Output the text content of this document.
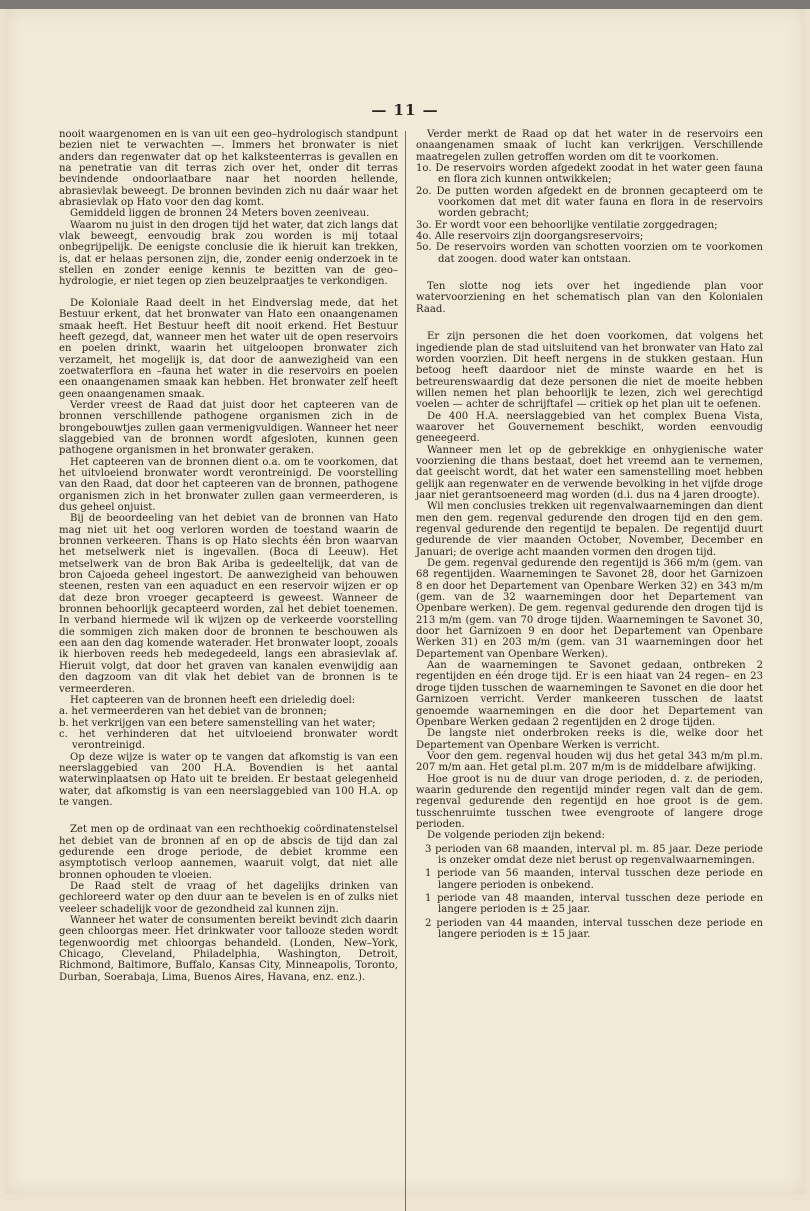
— 11 —

nooit waargenomen en is van uit een geo–hydrologisch standpunt bezien niet te verwachten —. Immers het bronwater is niet anders dan regenwater dat op het kalksteenterras is gevallen en na penetratie van dit terras zich over het, onder dit terras bevindende ondoorlaatbare naar het noorden hellende, abrasievlak beweegt. De bronnen bevinden zich nu daár waar het abrasievlak op Hato voor den dag komt.

Gemiddeld liggen de bronnen 24 Meters boven zeeniveau.

Waarom nu juist in den drogen tijd het water, dat zich langs dat vlak beweegt, eenvoudig brak zou worden is mij totaal onbegrijpelijk. De eenigste conclusie die ik hieruit kan trekken, is, dat er helaas personen zijn, die, zonder eenig onderzoek in te stellen en zonder eenige kennis te bezitten van de geo–hydrologie, er niet tegen op zien beuzelpraatjes te verkondigen.

De Koloniale Raad deelt in het Eindverslag mede, dat het Bestuur erkent, dat het bronwater van Hato een onaangenamen smaak heeft. Het Bestuur heeft dit nooit erkend. Het Bestuur heeft gezegd, dat, wanneer men het water uit de open reservoirs en poelen drinkt, waarin het uitgeloopen bronwater zich verzamelt, het mogelijk is, dat door de aanwezigheid van een zoetwaterflora en –fauna het water in die reservoirs en poelen een onaangenamen smaak kan hebben. Het bronwater zelf heeft geen onaangenamen smaak.

Verder vreest de Raad dat juist door het capteeren van de bronnen verschillende pathogene organismen zich in de brongebouwtjes zullen gaan vermenigvuldigen. Wanneer het neer slaggebied van de bronnen wordt afgesloten, kunnen geen pathogene organismen in het bronwater geraken.

Het capteeren van de bronnen dient o.a. om te voorkomen, dat het uitvloeiend bronwater wordt verontreinigd. De voorstelling van den Raad, dat door het capteeren van de bronnen, pathogene organismen zich in het bronwater zullen gaan vermeerderen, is dus geheel onjuist.

Bij de beoordeeling van het debiet van de bronnen van Hato mag niet uit het oog verloren worden de toestand waarin de bronnen verkeeren. Thans is op Hato slechts één bron waarvan het metselwerk niet is ingevallen. (Boca di Leeuw). Het metselwerk van de bron Bak Ariba is gedeeltelijk, dat van de bron Cajoeda geheel ingestort. De aanwezigheid van behouwen steenen, resten van een aquaduct en een reservoir wijzen er op dat deze bron vroeger gecapteerd is geweest. Wanneer de bronnen behoorlijk gecapteerd worden, zal het debiet toenemen. In verband hiermede wil ik wijzen op de verkeerde voorstelling die sommigen zich maken door de bronnen te beschouwen als een aan den dag komende waterader. Het bronwater loopt, zooals ik hierboven reeds heb medegedeeld, langs een abrasievlak af. Hieruit volgt, dat door het graven van kanalen evenwijdig aan den dagzoom van dit vlak het debiet van de bronnen is te vermeerderen.

Het capteeren van de bronnen heeft een drieledig doel:

a. het vermeerderen van het debiet van de bronnen;
b. het verkrijgen van een betere samenstelling van het water;
c. het verhinderen dat het uitvloeiend bronwater wordt verontreinigd.

Op deze wijze is water op te vangen dat afkomstig is van een neerslaggebied van 200 H.A. Bovendien is het aantal waterwinplaatsen op Hato uit te breiden. Er bestaat gelegenheid water, dat afkomstig is van een neerslaggebied van 100 H.A. op te vangen.

Zet men op de ordinaat van een rechthoekig coördinatenstelsel het debiet van de bronnen af en op de abscis de tijd dan zal gedurende een droge periode, de debiet kromme een asymptotisch verloop aannemen, waaruit volgt, dat niet alle bronnen ophouden te vloeien.

De Raad stelt de vraag of het dagelijks drinken van gechloreerd water op den duur aan te bevelen is en of zulks niet veeleer schadelijk voor de gezondheid zal kunnen zijn.

Wanneer het water de consumenten bereikt bevindt zich daarin geen chloorgas meer. Het drinkwater voor tallooze steden wordt tegenwoordig met chloorgas behandeld. (Londen, New–York, Chicago, Cleveland, Philadelphia, Washington, Detroit, Richmond, Baltimore, Buffalo, Kansas City, Minneapolis, Toronto, Durban, Soerabaja, Lima, Buenos Aires, Havana, enz. enz.).

Verder merkt de Raad op dat het water in de reservoirs een onaangenamen smaak of lucht kan verkrijgen. Verschillende maatregelen zullen getroffen worden om dit te voorkomen.

1o. De reservoirs worden afgedekt zoodat in het water geen fauna en flora zich kunnen ontwikkelen;
2o. De putten worden afgedekt en de bronnen gecapteerd om te voorkomen dat met dit water fauna en flora in de reservoirs worden gebracht;
3o. Er wordt voor een behoorlijke ventilatie zorggedragen;
4o. Alle reservoirs zijn doorgangsreservoirs;
5o. De reservoirs worden van schotten voorzien om te voorkomen dat zoogen. dood water kan ontstaan.

Ten slotte nog iets over het ingediende plan voor watervoorziening en het schematisch plan van den Kolonialen Raad.

Er zijn personen die het doen voorkomen, dat volgens het ingediende plan de stad uitsluitend van het bronwater van Hato zal worden voorzien. Dit heeft nergens in de stukken gestaan. Hun betoog heeft daardoor niet de minste waarde en het is betreurenswaardig dat deze personen die niet de moeite hebben willen nemen het plan behoorlijk te lezen, zich wel gerechtigd voelen — achter de schrijftafel — critiek op het plan uit te oefenen.

De 400 H.A. neerslaggebied van het complex Buena Vista, waarover het Gouvernement beschikt, worden eenvoudig geneegeerd.

Wanneer men let op de gebrekkige en onhygienische water voorziening die thans bestaat, doet het vreemd aan te vernemen, dat geeischt wordt, dat het water een samenstelling moet hebben gelijk aan regenwater en de verwende bevolking in het vijfde droge jaar niet gerantsoeneerd mag worden (d.i. dus na 4 jaren droogte).

Wil men conclusies trekken uit regenvalwaarnemingen dan dient men den gem. regenval gedurende den drogen tijd en den gem. regenval gedurende den regentijd te bepalen. De regentijd duurt gedurende de vier maanden October, November, December en Januari; de overige acht maanden vormen den drogen tijd.

De gem. regenval gedurende den regentijd is 366 m/m (gem. van 68 regentijden. Waarnemingen te Savonet 28, door het Garnizoen 8 en door het Departement van Openbare Werken 32) en 343 m/m (gem. van de 32 waarnemingen door het Departement van Openbare werken). De gem. regenval gedurende den drogen tijd is 213 m/m (gem. van 70 droge tijden. Waarnemingen te Savonet 30, door het Garnizoen 9 en door het Departement van Openbare Werken 31) en 203 m/m (gem. van 31 waarnemingen door het Departement van Openbare Werken).

Aan de waarnemingen te Savonet gedaan, ontbreken 2 regentijden en één droge tijd. Er is een hiaat van 24 regen– en 23 droge tijden tusschen de waarnemingen te Savonet en die door het Garnizoen verricht. Verder mankeeren tusschen de laatst genoemde waarnemingen en die door het Departement van Openbare Werken gedaan 2 regentijden en 2 droge tijden.

De langste niet onderbroken reeks is die, welke door het Departement van Openbare Werken is verricht.

Voor den gem. regenval houden wij dus het getal 343 m/m pl.m. 207 m/m aan. Het getal pl.m. 207 m/m is de middelbare afwijking.

Hoe groot is nu de duur van droge perioden, d. z. de perioden, waarin gedurende den regentijd minder regen valt dan de gem. regenval gedurende den regentijd en hoe groot is de gem. tusschenruimte tusschen twee evengroote of langere droge perioden.

De volgende perioden zijn bekend:

3 perioden van 68 maanden, interval pl. m. 85 jaar. Deze periode is onzeker omdat deze niet berust op regenvalwaarnemingen.
1 periode van 56 maanden, interval tusschen deze periode en langere perioden is onbekend.
1 periode van 48 maanden, interval tusschen deze periode en langere perioden is ± 25 jaar.
2 perioden van 44 maanden, interval tusschen deze periode en langere perioden is ± 15 jaar.
